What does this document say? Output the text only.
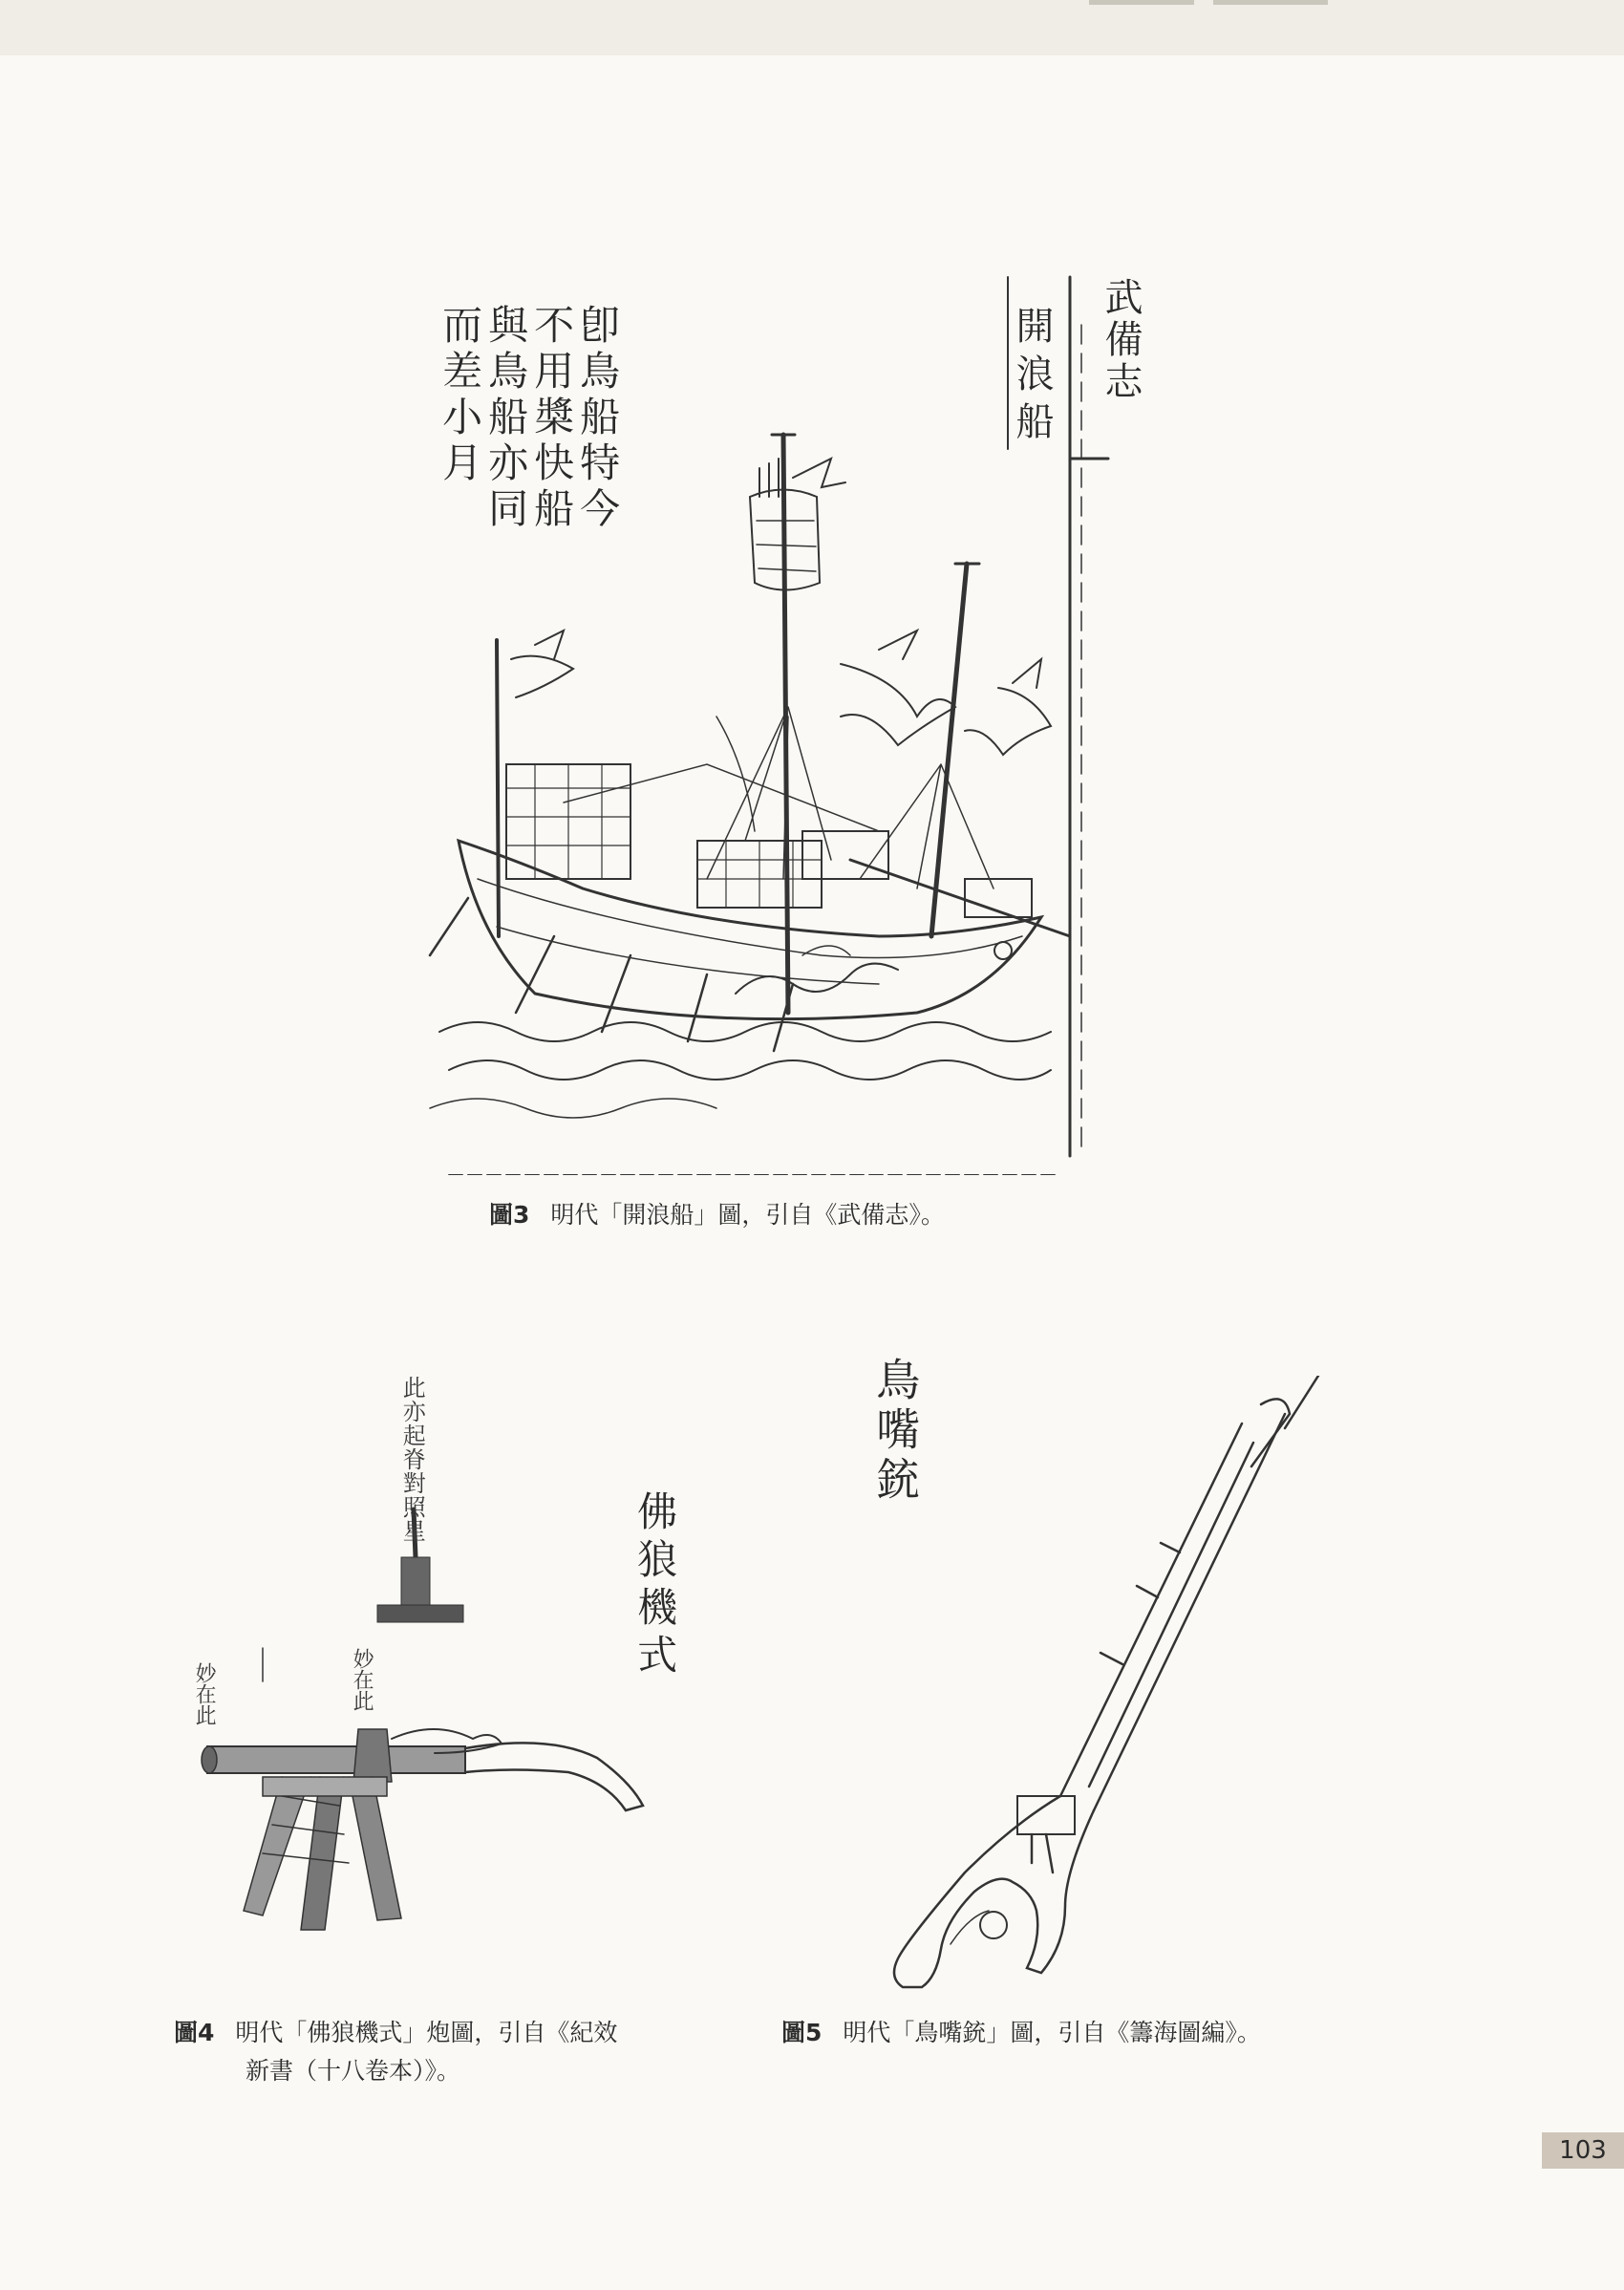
開浪船 武備志
卽鳥船特今
不用槳快船
與鳥船亦同
而差小月
圖3 明代「開浪船」圖，引自《武備志》。
此亦起脊對照星
妙在此	妙在此	佛狼機式
圖4 明代「佛狼機式」炮圖，引自《紀效
新書（十八卷本）》。
鳥嘴銃
圖5 明代「鳥嘴銃」圖，引自《籌海圖編》。
103
